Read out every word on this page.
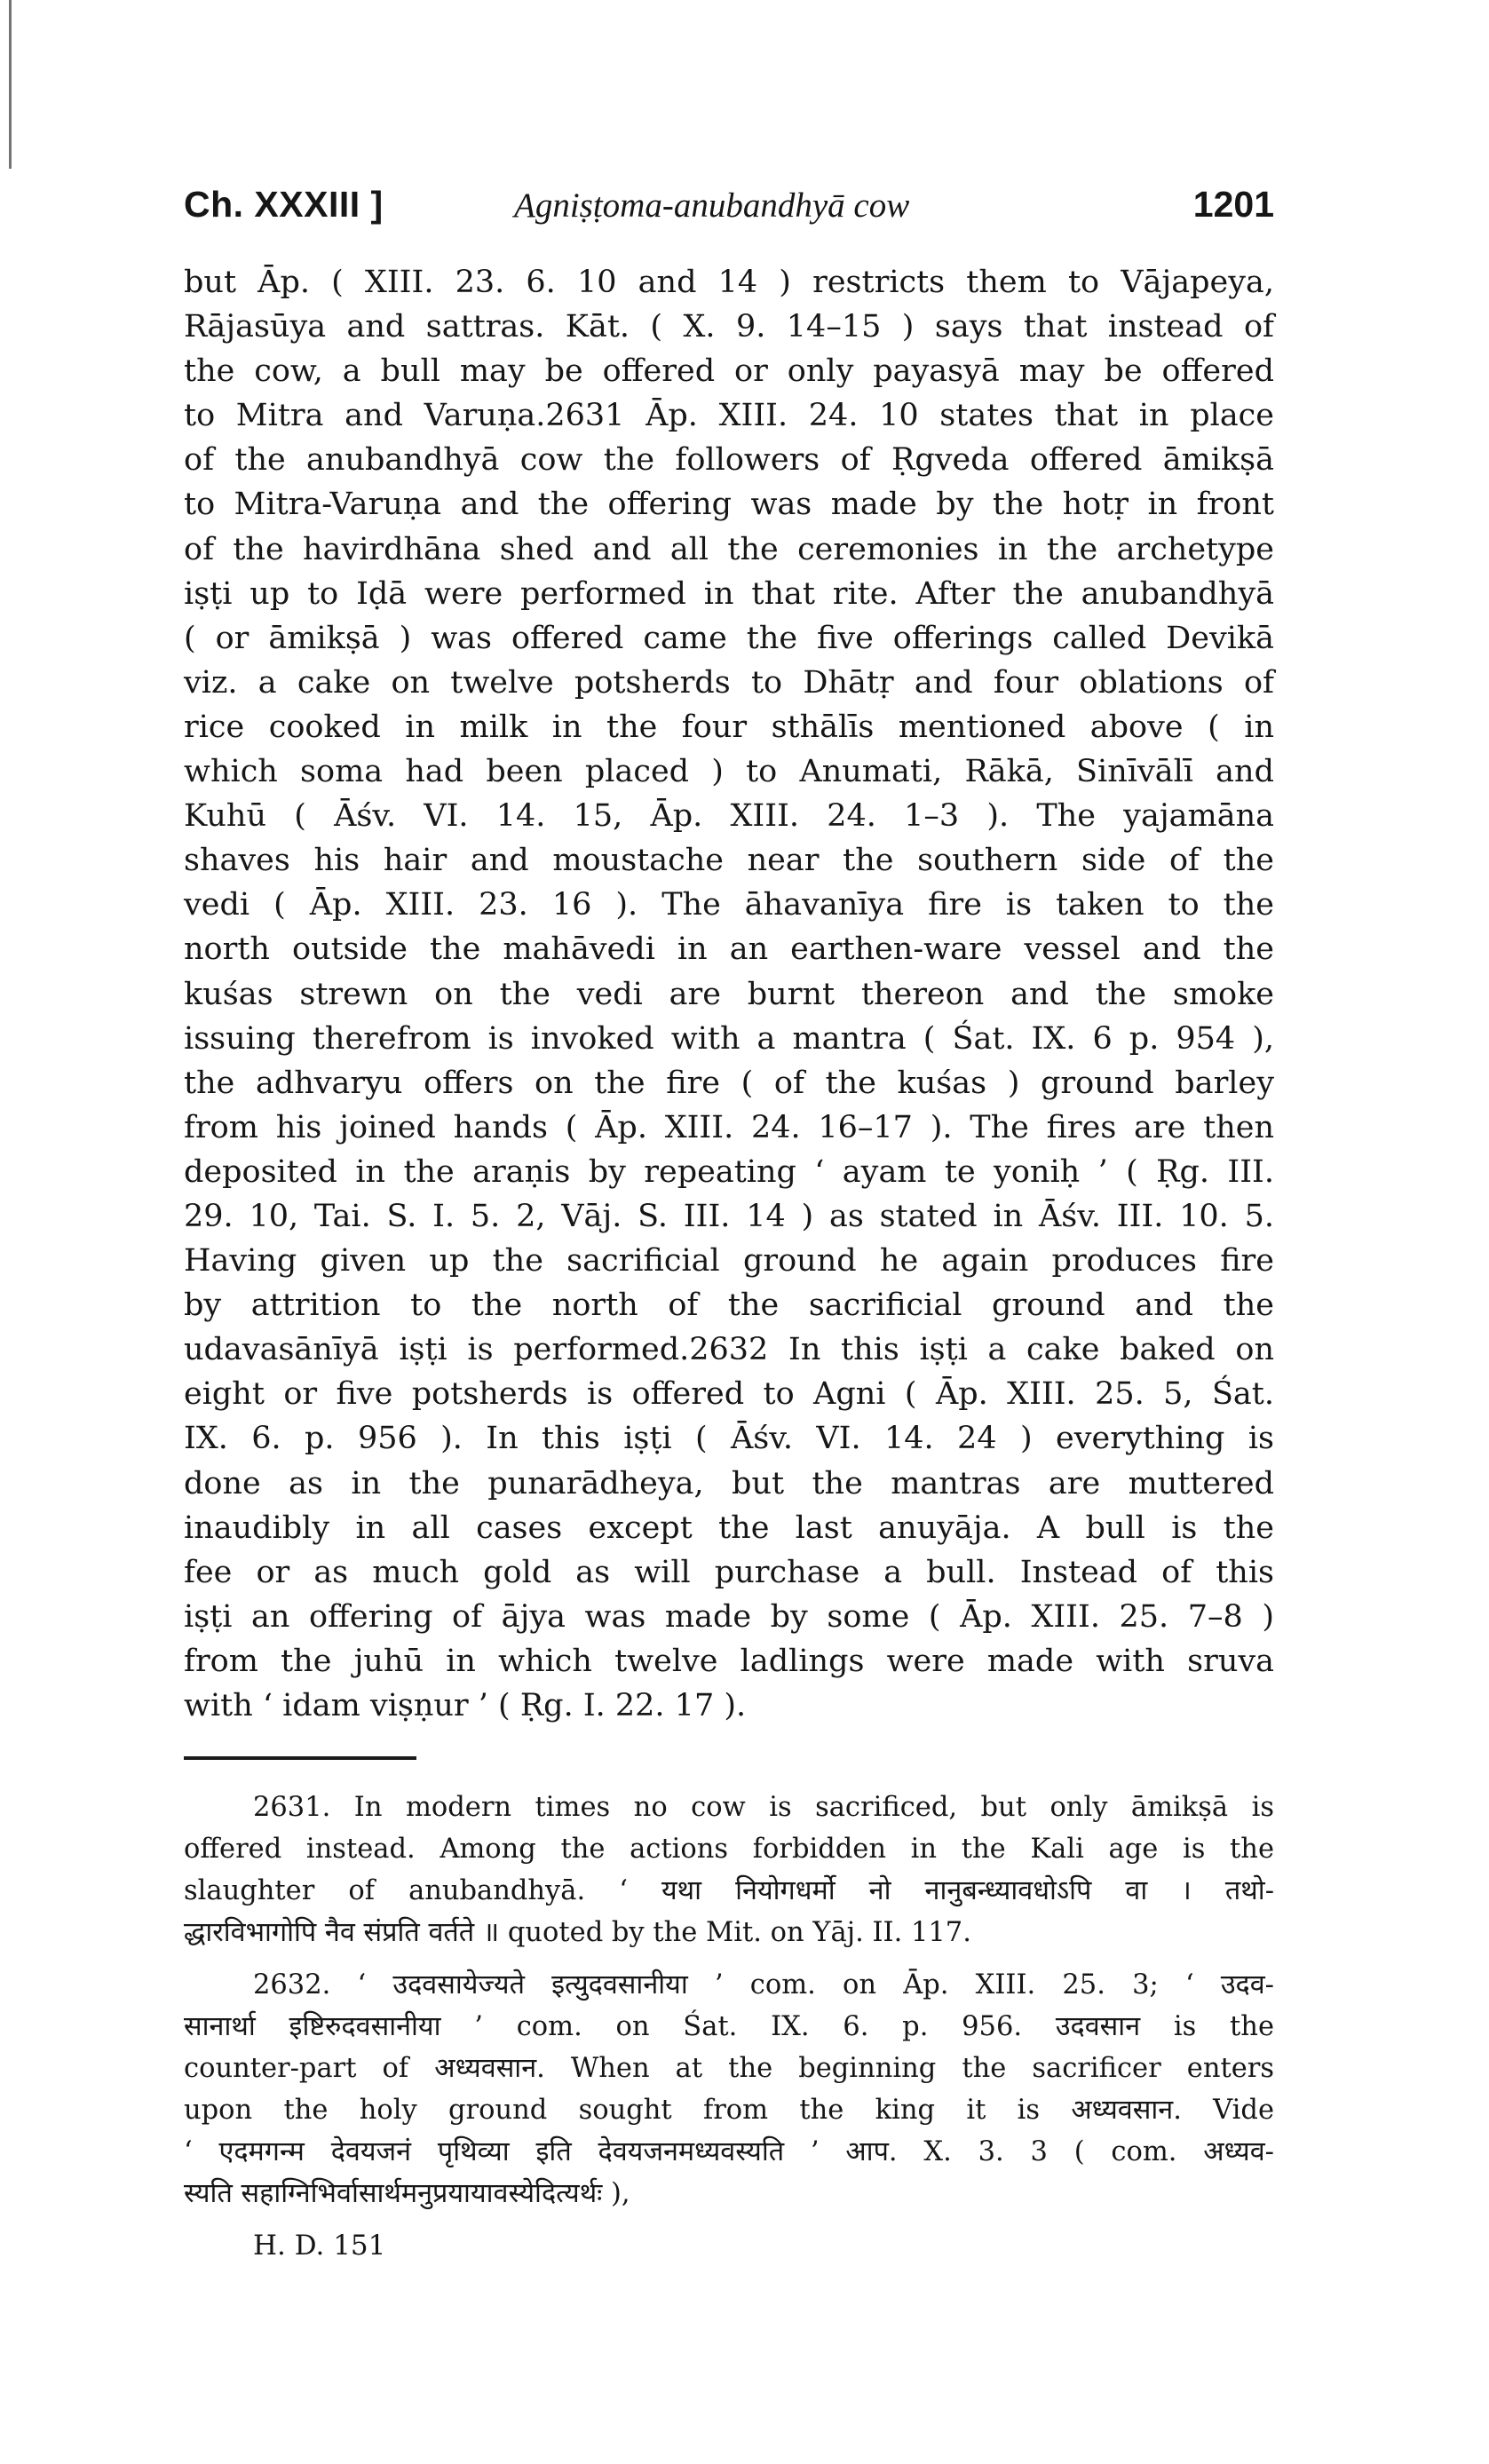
Ch. XXXIII ]	Agniṣṭoma-anubandhyā cow	1201
but Āp. ( XIII. 23. 6. 10 and 14 ) restricts them to Vājapeya,
Rājasūya and sattras. Kāt. ( X. 9. 14–15 ) says that instead of
the cow, a bull may be offered or only payasyā may be offered
to Mitra and Varuṇa.2631 Āp. XIII. 24. 10 states that in place
of the anubandhyā cow the followers of Ṛgveda offered āmikṣā
to Mitra-Varuṇa and the offering was made by the hotṛ in front
of the havirdhāna shed and all the ceremonies in the archetype
iṣṭi up to Iḍā were performed in that rite. After the anubandhyā
( or āmikṣā ) was offered came the five offerings called Devikā
viz. a cake on twelve potsherds to Dhātṛ and four oblations of
rice cooked in milk in the four sthālīs mentioned above ( in
which soma had been placed ) to Anumati, Rākā, Sinīvālī and
Kuhū ( Āśv. VI. 14. 15, Āp. XIII. 24. 1–3 ). The yajamāna
shaves his hair and moustache near the southern side of the
vedi ( Āp. XIII. 23. 16 ). The āhavanīya fire is taken to the
north outside the mahāvedi in an earthen-ware vessel and the
kuśas strewn on the vedi are burnt thereon and the smoke
issuing therefrom is invoked with a mantra ( Śat. IX. 6 p. 954 ),
the adhvaryu offers on the fire ( of the kuśas ) ground barley
from his joined hands ( Āp. XIII. 24. 16–17 ). The fires are then
deposited in the araṇis by repeating ‘ ayam te yoniḥ ’ ( Ṛg. III.
29. 10, Tai. S. I. 5. 2, Vāj. S. III. 14 ) as stated in Āśv. III. 10. 5.
Having given up the sacrificial ground he again produces fire
by attrition to the north of the sacrificial ground and the
udavasānīyā iṣṭi is performed.2632 In this iṣṭi a cake baked on
eight or five potsherds is offered to Agni ( Āp. XIII. 25. 5, Śat.
IX. 6. p. 956 ). In this iṣṭi ( Āśv. VI. 14. 24 ) everything is
done as in the punarādheya, but the mantras are muttered
inaudibly in all cases except the last anuyāja. A bull is the
fee or as much gold as will purchase a bull. Instead of this
iṣṭi an offering of ājya was made by some ( Āp. XIII. 25. 7–8 )
from the juhū in which twelve ladlings were made with sruva
with ‘ idam viṣṇur ’ ( Ṛg. I. 22. 17 ).
2631. In modern times no cow is sacrificed, but only āmikṣā is
offered instead. Among the actions forbidden in the Kali age is the
slaughter of anubandhyā. ‘ यथा नियोगधर्मो नो नानुबन्ध्यावधोऽपि वा । तथो-
द्धारविभागोपि नैव संप्रति वर्तते ॥ quoted by the Mit. on Yāj. II. 117.
2632. ‘ उदवसायेज्यते इत्युदवसानीया ’ com. on Āp. XIII. 25. 3; ‘ उदव-
सानार्था इष्टिरुदवसानीया ’ com. on Śat. IX. 6. p. 956. उदवसान is the
counter-part of अध्यवसान. When at the beginning the sacrificer enters
upon the holy ground sought from the king it is अध्यवसान. Vide
‘ एदमगन्म देवयजनं पृथिव्या इति देवयजनमध्यवस्यति ’ आप. X. 3. 3 ( com. अध्यव-
स्यति सहाग्निभिर्वासार्थमनुप्रयायावस्येदित्यर्थः ),
H. D. 151
